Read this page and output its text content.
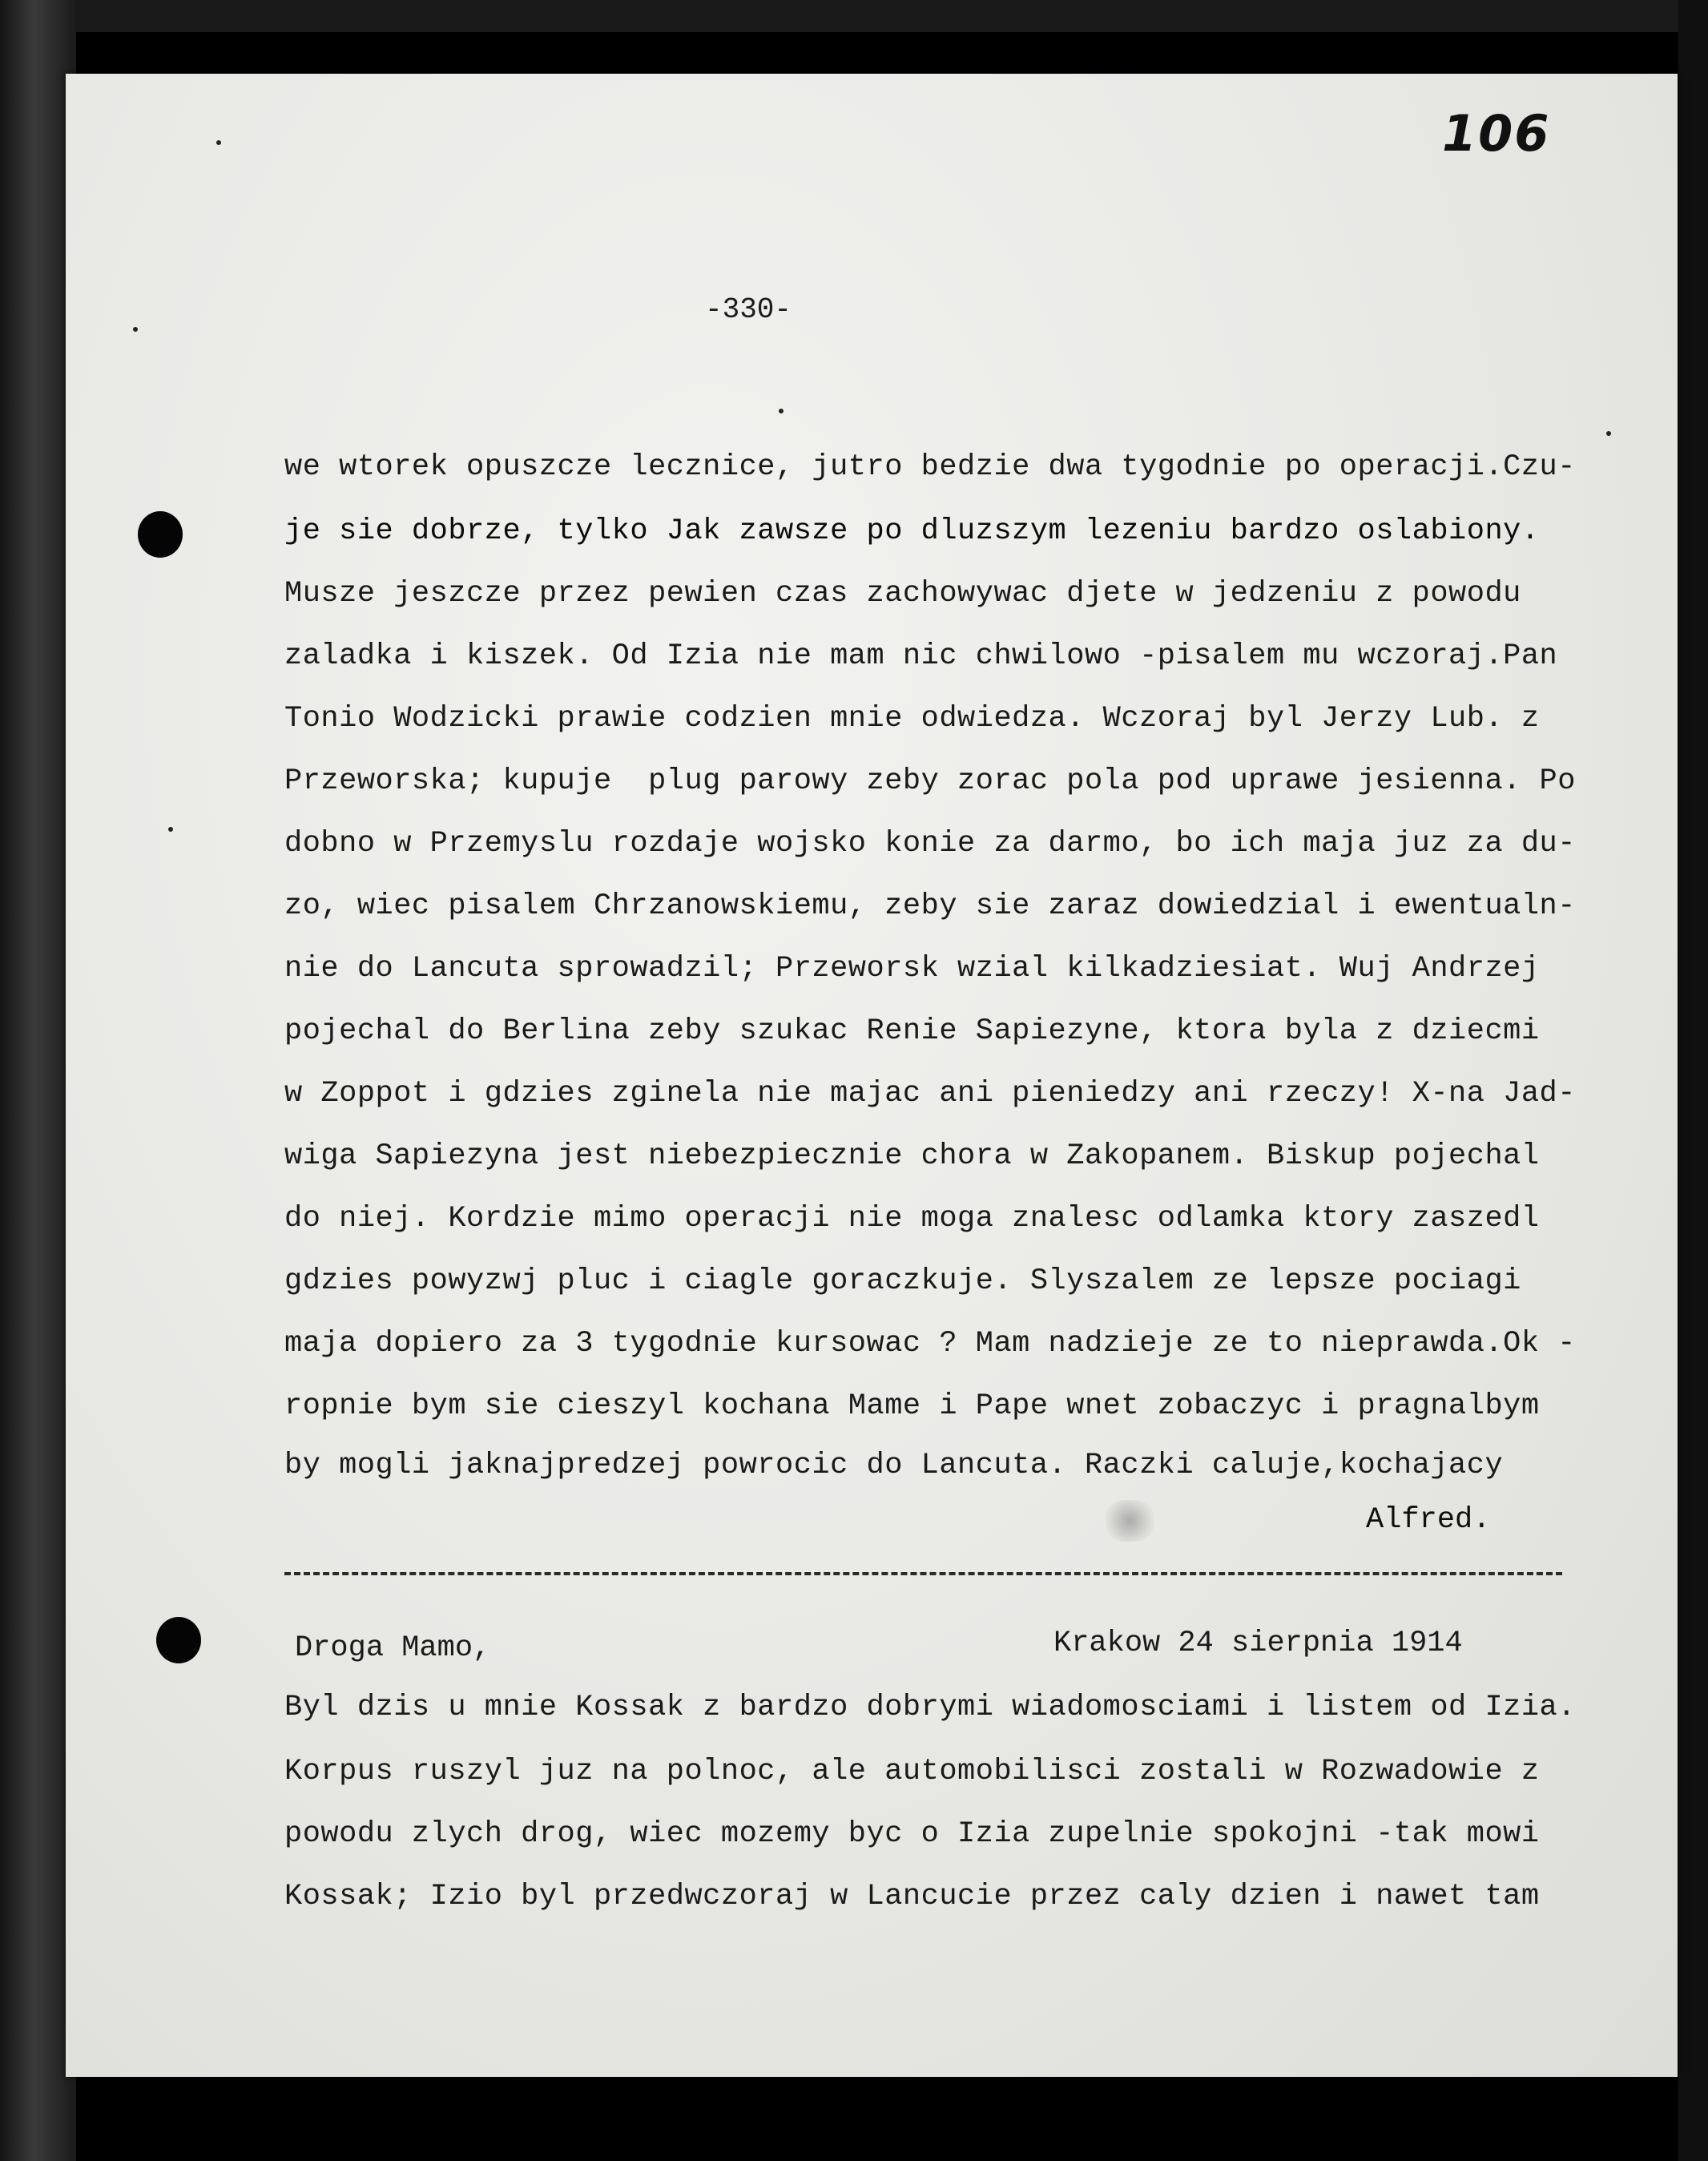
106
-330-
we wtorek opuszcze lecznice, jutro bedzie dwa tygodnie po operacji.Czu-
je sie dobrze, tylko Jak zawsze po dluzszym lezeniu bardzo oslabiony.
Musze jeszcze przez pewien czas zachowywac djete w jedzeniu z powodu
zaladka i kiszek. Od Izia nie mam nic chwilowo -pisalem mu wczoraj.Pan
Tonio Wodzicki prawie codzien mnie odwiedza. Wczoraj byl Jerzy Lub. z
Przeworska; kupuje  plug parowy zeby zorac pola pod uprawe jesienna. Po
dobno w Przemyslu rozdaje wojsko konie za darmo, bo ich maja juz za du-
zo, wiec pisalem Chrzanowskiemu, zeby sie zaraz dowiedzial i ewentualn-
nie do Lancuta sprowadzil; Przeworsk wzial kilkadziesiat. Wuj Andrzej
pojechal do Berlina zeby szukac Renie Sapiezyne, ktora byla z dziecmi
w Zoppot i gdzies zginela nie majac ani pieniedzy ani rzeczy! X-na Jad-
wiga Sapiezyna jest niebezpiecznie chora w Zakopanem. Biskup pojechal
do niej. Kordzie mimo operacji nie moga znalesc odlamka ktory zaszedl
gdzies powyzwj pluc i ciagle goraczkuje. Slyszalem ze lepsze pociagi
maja dopiero za 3 tygodnie kursowac ? Mam nadzieje ze to nieprawda.Ok -
ropnie bym sie cieszyl kochana Mame i Pape wnet zobaczyc i pragnalbym
by mogli jaknajpredzej powrocic do Lancuta. Raczki caluje,kochajacy
Alfred.
Droga Mamo,	Krakow 24 sierpnia 1914
Byl dzis u mnie Kossak z bardzo dobrymi wiadomosciami i listem od Izia.
Korpus ruszyl juz na polnoc, ale automobilisci zostali w Rozwadowie z
powodu zlych drog, wiec mozemy byc o Izia zupelnie spokojni -tak mowi
Kossak; Izio byl przedwczoraj w Lancucie przez caly dzien i nawet tam
